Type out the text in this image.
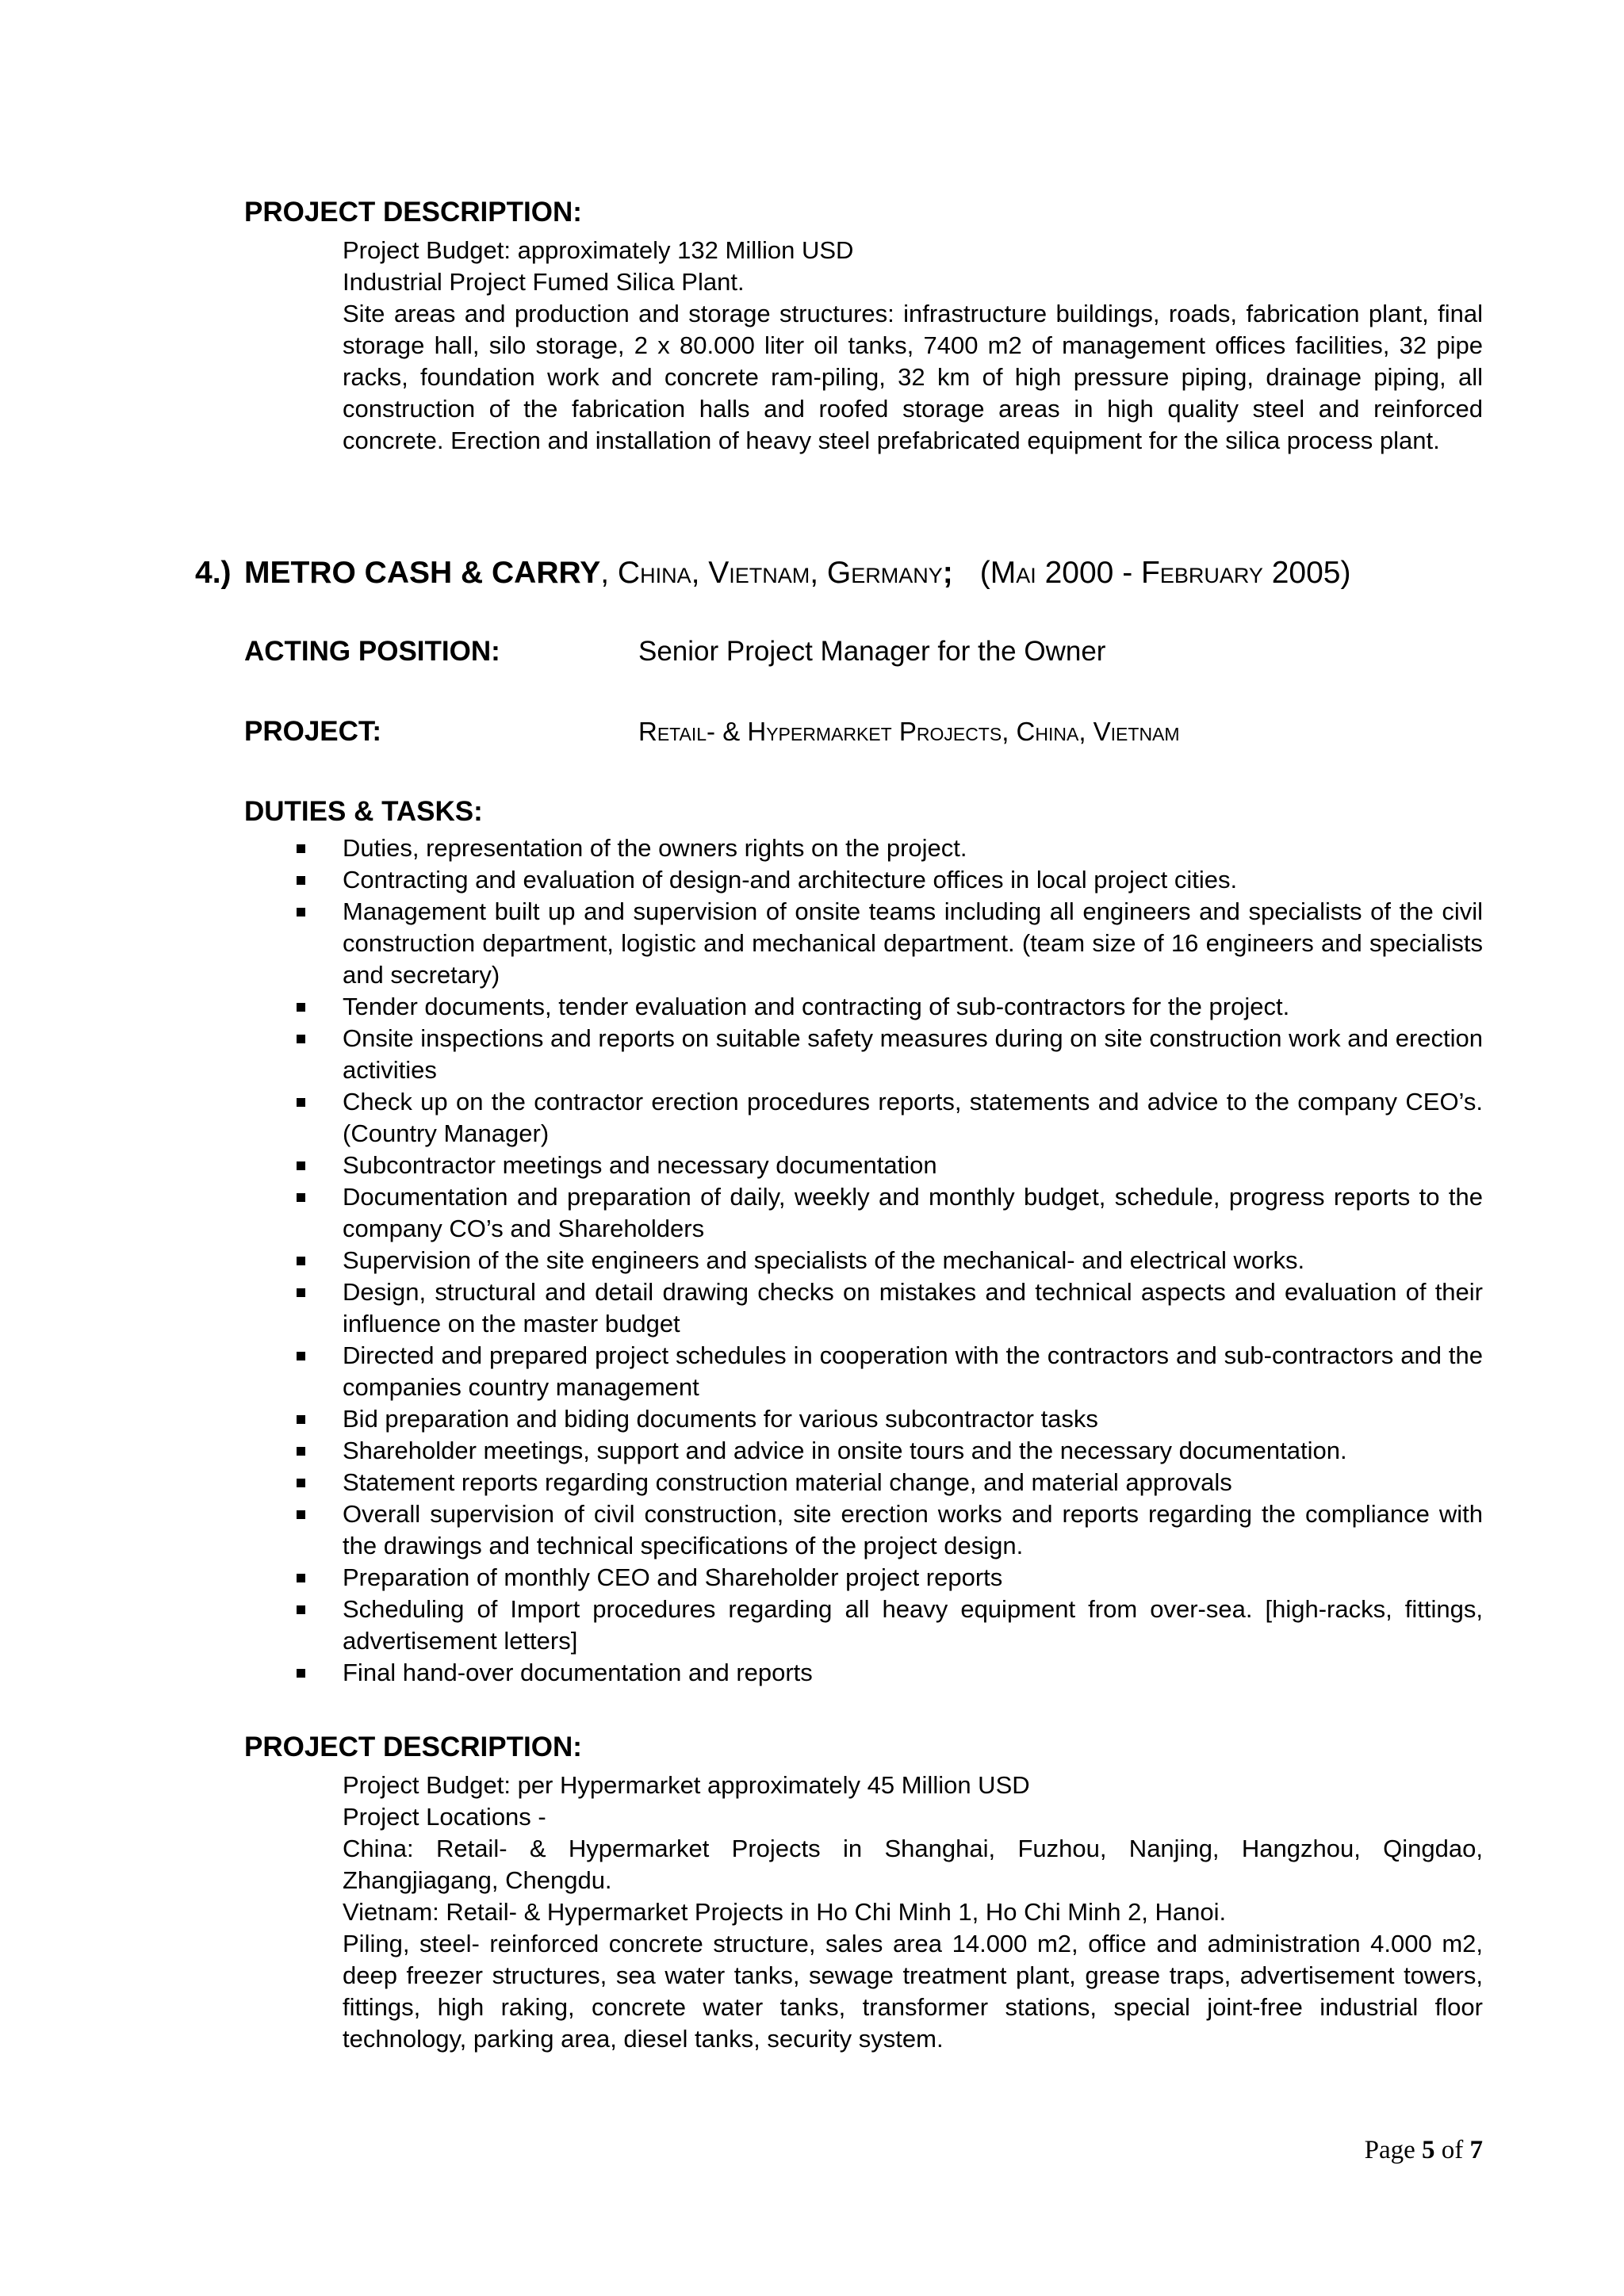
PROJECT DESCRIPTION:

Project Budget: approximately 132 Million USD

Industrial Project Fumed Silica Plant.

Site areas and production and storage structures: infrastructure buildings, roads, fabrication plant, final storage hall, silo storage, 2 x 80.000 liter oil tanks, 7400 m2 of management offices facilities, 32 pipe racks, foundation work and concrete ram-piling, 32 km of high pressure piping, drainage piping, all construction of the fabrication halls and roofed storage areas in high quality steel and reinforced concrete. Erection and installation of heavy steel prefabricated equipment for the silica process plant.

4.) METRO CASH & CARRY, China, Vietnam, Germany; (Mai 2000 - February 2005)
ACTING POSITION:	Senior Project Manager for the Owner
PROJECT:	Retail- & Hypermarket Projects, China, Vietnam
DUTIES & TASKS:
Duties, representation of the owners rights on the project.
Contracting and evaluation of design-and architecture offices in local project cities.
Management built up and supervision of onsite teams including all engineers and specialists of the civil construction department, logistic and mechanical department. (team size of 16 engineers and specialists and secretary)
Tender documents, tender evaluation and contracting of sub-contractors for the project.
Onsite inspections and reports on suitable safety measures during on site construction work and erection activities
Check up on the contractor erection procedures reports, statements and advice to the company CEO’s. (Country Manager)
Subcontractor meetings and necessary documentation
Documentation and preparation of daily, weekly and monthly budget, schedule, progress reports to the company CO’s and Shareholders
Supervision of the site engineers and specialists of the mechanical- and electrical works.
Design, structural and detail drawing checks on mistakes and technical aspects and evaluation of their influence on the master budget
Directed and prepared project schedules in cooperation with the contractors and sub-contractors and the companies country management
Bid preparation and biding documents for various subcontractor tasks
Shareholder meetings, support and advice in onsite tours and the necessary documentation.
Statement reports regarding construction material change, and material approvals
Overall supervision of civil construction, site erection works and reports regarding the compliance with the drawings and technical specifications of the project design.
Preparation of monthly CEO and Shareholder project reports
Scheduling of Import procedures regarding all heavy equipment from over-sea. [high-racks, fittings, advertisement letters]
Final hand-over documentation and reports
PROJECT DESCRIPTION:

Project Budget: per Hypermarket approximately 45 Million USD

Project Locations -

China: Retail- & Hypermarket Projects in Shanghai, Fuzhou, Nanjing, Hangzhou, Qingdao, Zhangjiagang, Chengdu.

Vietnam: Retail- & Hypermarket Projects in Ho Chi Minh 1, Ho Chi Minh 2, Hanoi.

Piling, steel- reinforced concrete structure, sales area 14.000 m2, office and administration 4.000 m2, deep freezer structures, sea water tanks, sewage treatment plant, grease traps, advertisement towers, fittings, high raking, concrete water tanks, transformer stations, special joint-free industrial floor technology, parking area, diesel tanks, security system.

Page 5 of 7
